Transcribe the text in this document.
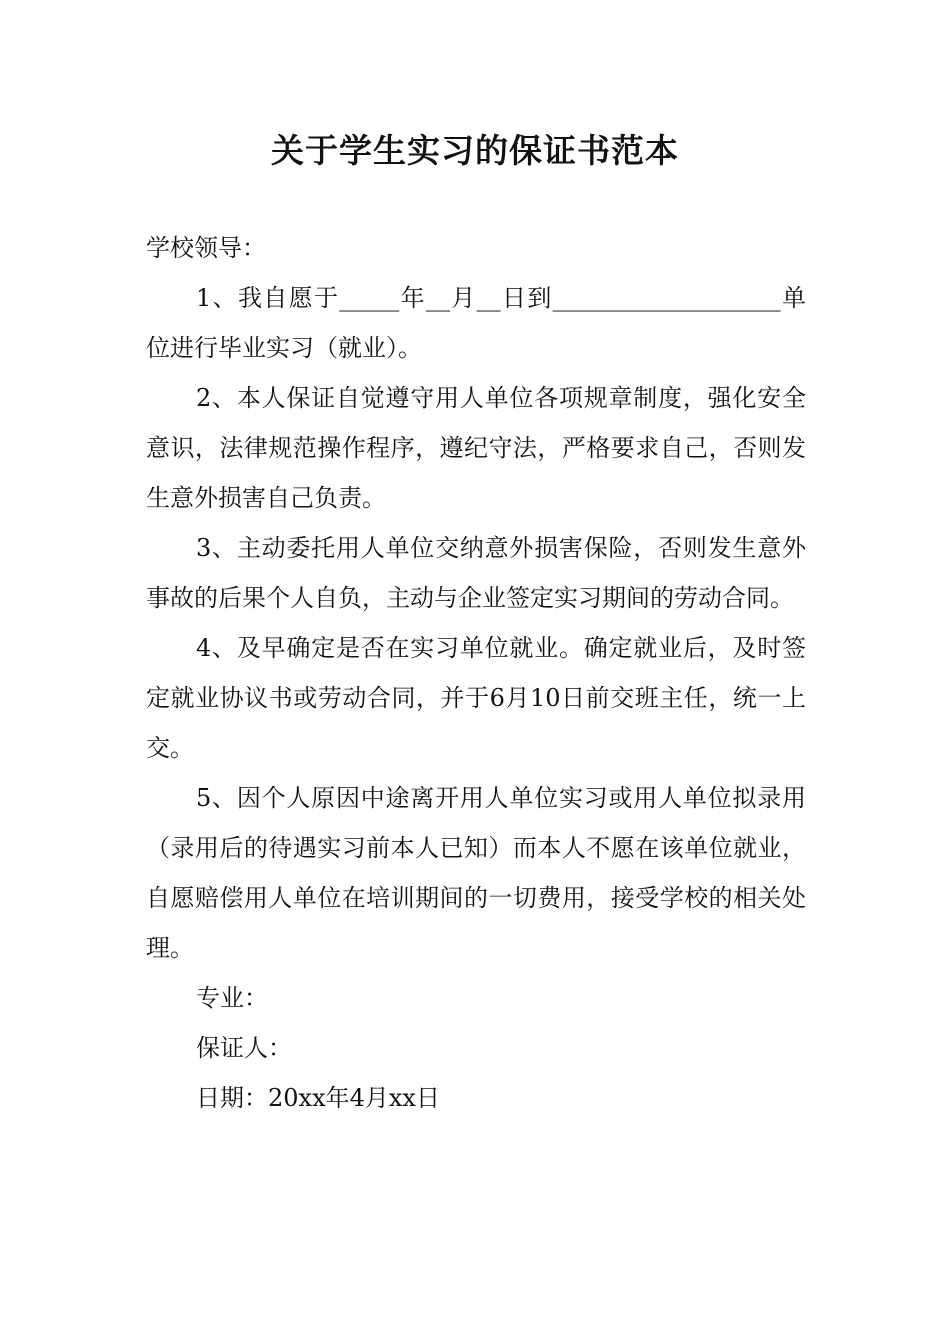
关于学生实习的保证书范本

学校领导：

1、我自愿于_____年__月__日到___________________单位进行毕业实习（就业）。

2、本人保证自觉遵守用人单位各项规章制度，强化安全意识，法律规范操作程序，遵纪守法，严格要求自己，否则发生意外损害自己负责。

3、主动委托用人单位交纳意外损害保险，否则发生意外事故的后果个人自负，主动与企业签定实习期间的劳动合同。

4、及早确定是否在实习单位就业。确定就业后，及时签定就业协议书或劳动合同，并于6月10日前交班主任，统一上交。

5、因个人原因中途离开用人单位实习或用人单位拟录用（录用后的待遇实习前本人已知）而本人不愿在该单位就业，自愿赔偿用人单位在培训期间的一切费用，接受学校的相关处理。

专业：

保证人：

日期：20xx年4月xx日
